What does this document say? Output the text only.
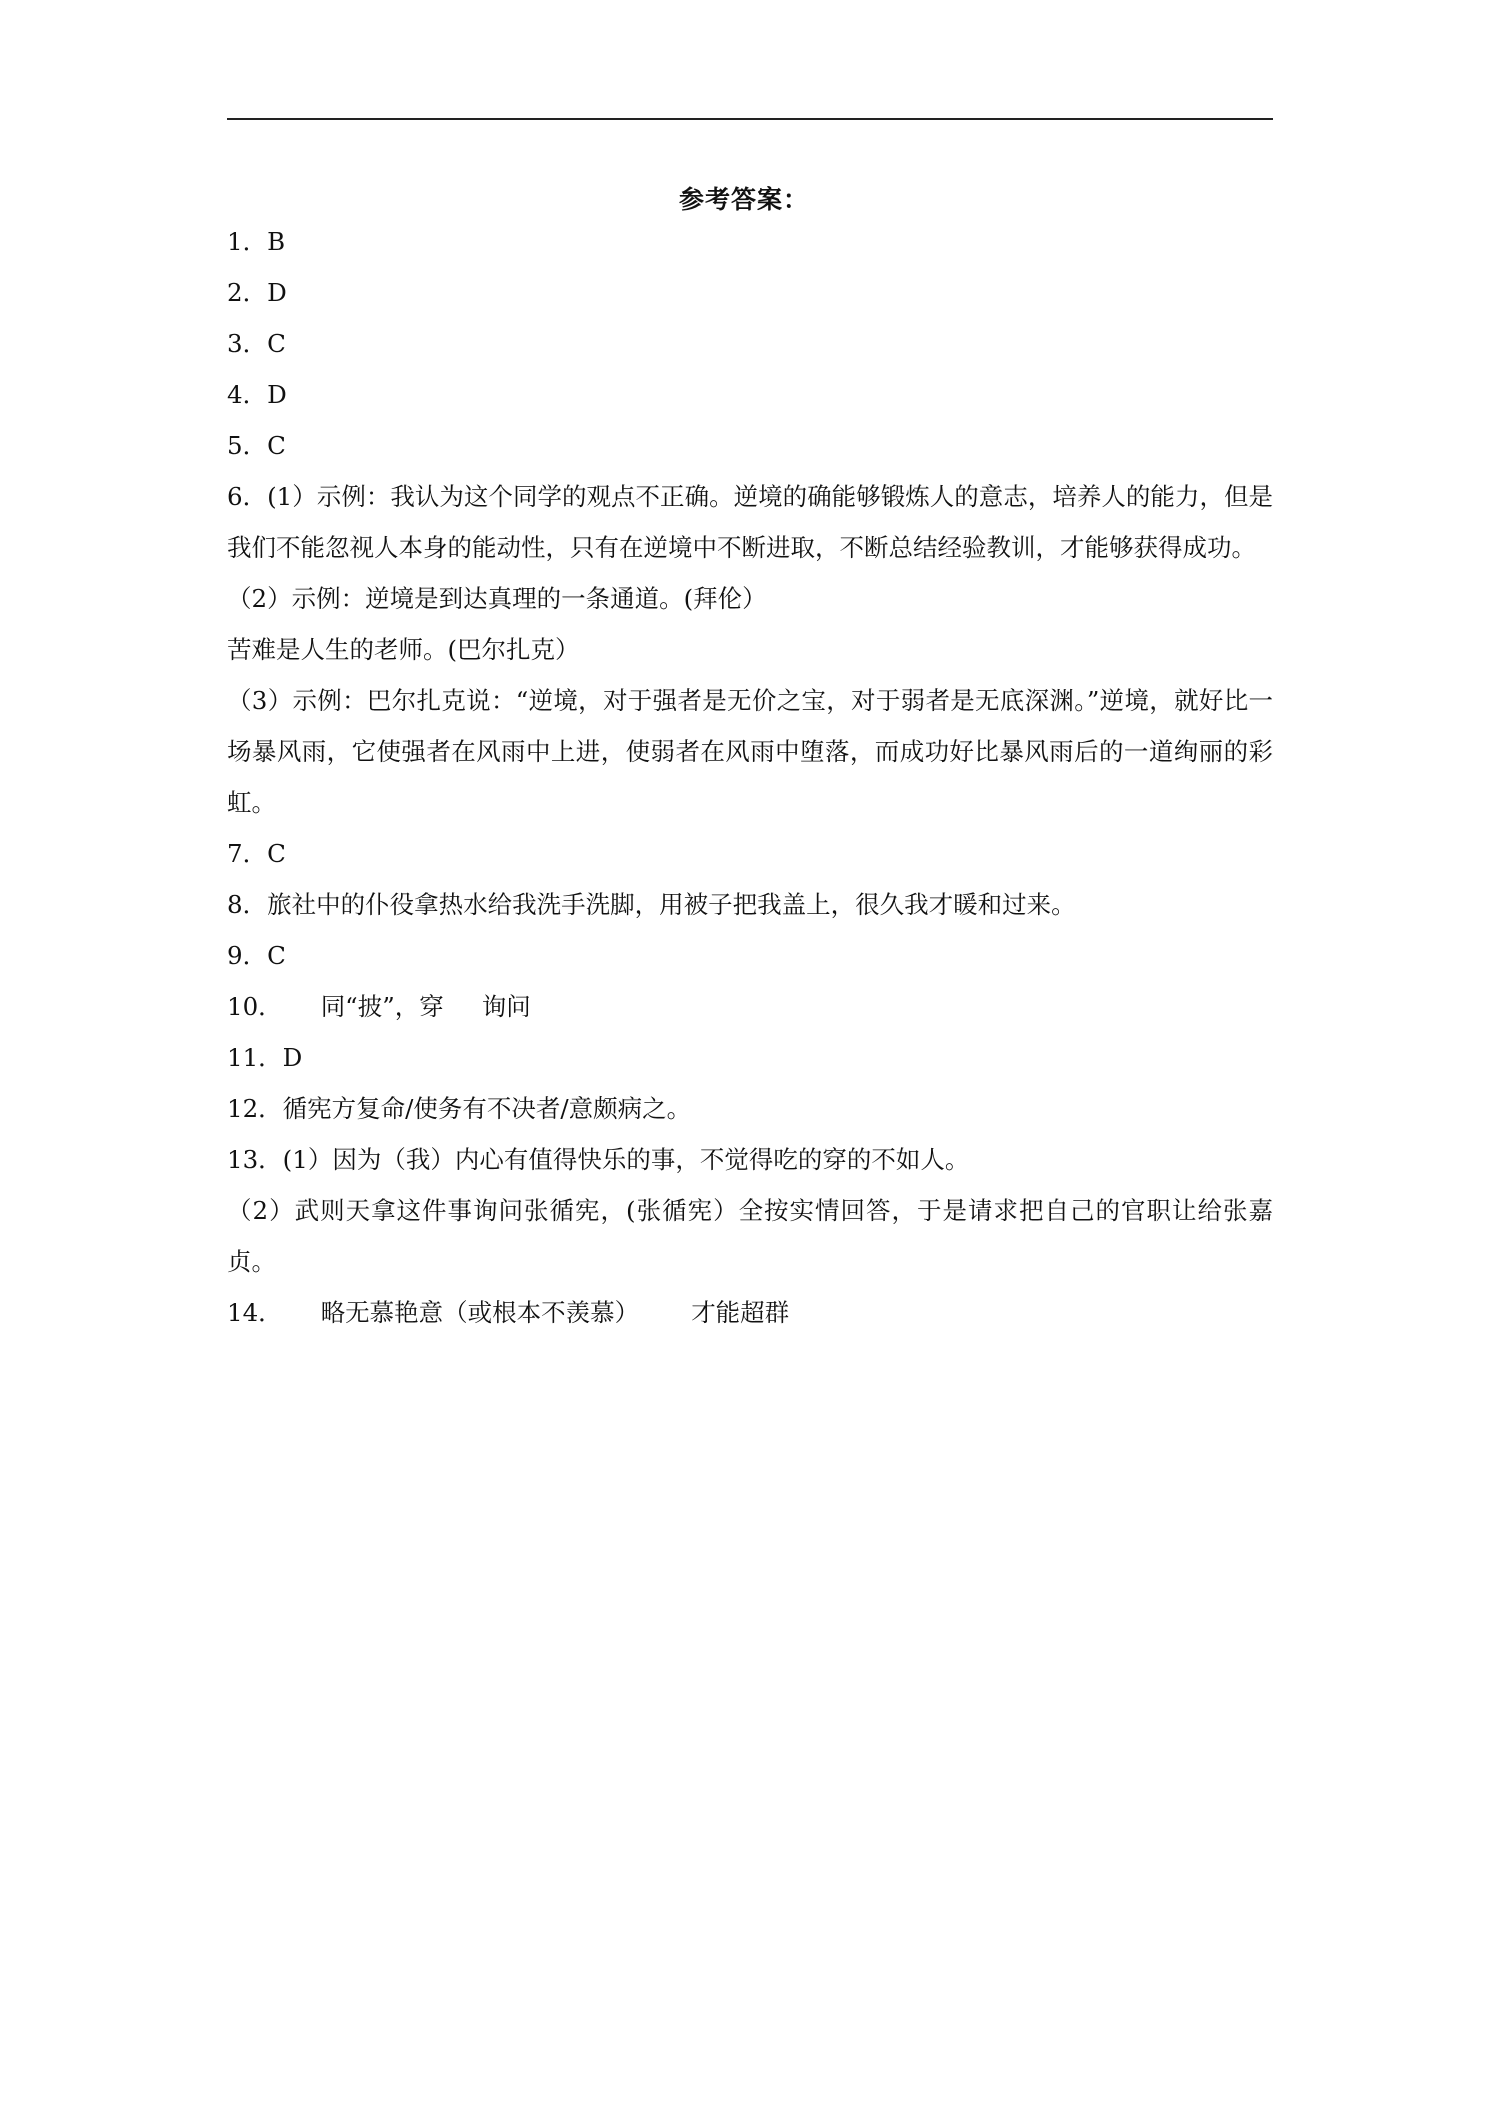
参考答案：
1．B
2．D
3．C
4．D
5．C
6．(1）示例：我认为这个同学的观点不正确。逆境的确能够锻炼人的意志，培养人的能力，但是我们不能忽视人本身的能动性，只有在逆境中不断进取，不断总结经验教训，才能够获得成功。
（2）示例：逆境是到达真理的一条通道。(拜伦）
苦难是人生的老师。(巴尔扎克）
（3）示例：巴尔扎克说：“逆境，对于强者是无价之宝，对于弱者是无底深渊。”逆境，就好比一场暴风雨，它使强者在风雨中上进，使弱者在风雨中堕落，而成功好比暴风雨后的一道绚丽的彩虹。
7．C
8．旅社中的仆役拿热水给我洗手洗脚，用被子把我盖上，很久我才暖和过来。
9．C
10． 同“披”，穿 询问
11．D
12．循宪方复命/使务有不决者/意颇病之。
13．(1）因为（我）内心有值得快乐的事，不觉得吃的穿的不如人。
（2）武则天拿这件事询问张循宪，(张循宪）全按实情回答，于是请求把自己的官职让给张嘉贞。
14． 略无慕艳意（或根本不羡慕） 才能超群
